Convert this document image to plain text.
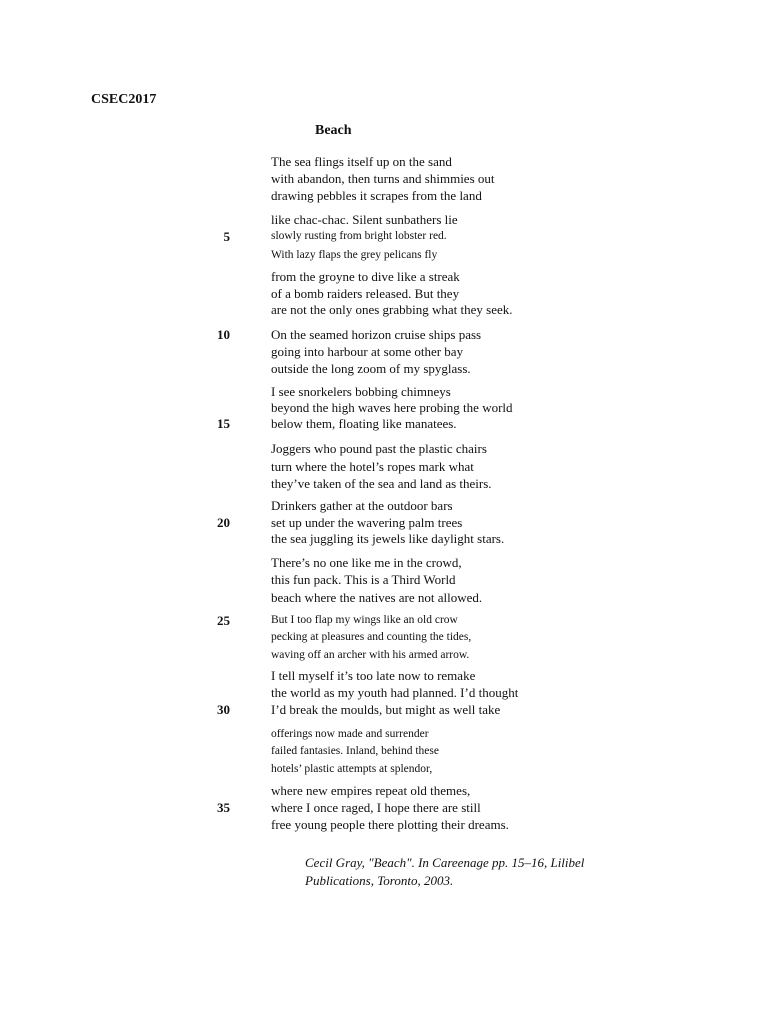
CSEC2017
Beach
The sea flings itself up on the sand
with abandon, then turns and shimmies out
drawing pebbles it scrapes from the land
like chac-chac. Silent sunbathers lie
slowly rusting from bright lobster red.
With lazy flaps the grey pelicans fly
from the groyne to dive like a streak
of a bomb raiders released. But they
are not the only ones grabbing what they seek.
On the seamed horizon cruise ships pass
going into harbour at some other bay
outside the long zoom of my spyglass.
I see snorkelers bobbing chimneys
beyond the high waves here probing the world
below them, floating like manatees.
Joggers who pound past the plastic chairs
turn where the hotel’s ropes mark what
they’ve taken of the sea and land as theirs.
Drinkers gather at the outdoor bars
set up under the wavering palm trees
the sea juggling its jewels like daylight stars.
There’s no one like me in the crowd,
this fun pack. This is a Third World
beach where the natives are not allowed.
But I too flap my wings like an old crow
pecking at pleasures and counting the tides,
waving off an archer with his armed arrow.
I tell myself it’s too late now to remake
the world as my youth had planned. I’d thought
I’d break the moulds, but might as well take
offerings now made and surrender
failed fantasies. Inland, behind these
hotels’ plastic attempts at splendor,
where new empires repeat old themes,
where I once raged, I hope there are still
free young people there plotting their dreams.
5
10
15
20
25
30
35
Cecil Gray, "Beach". In Careenage pp. 15–16, Lilibel
Publications, Toronto, 2003.
